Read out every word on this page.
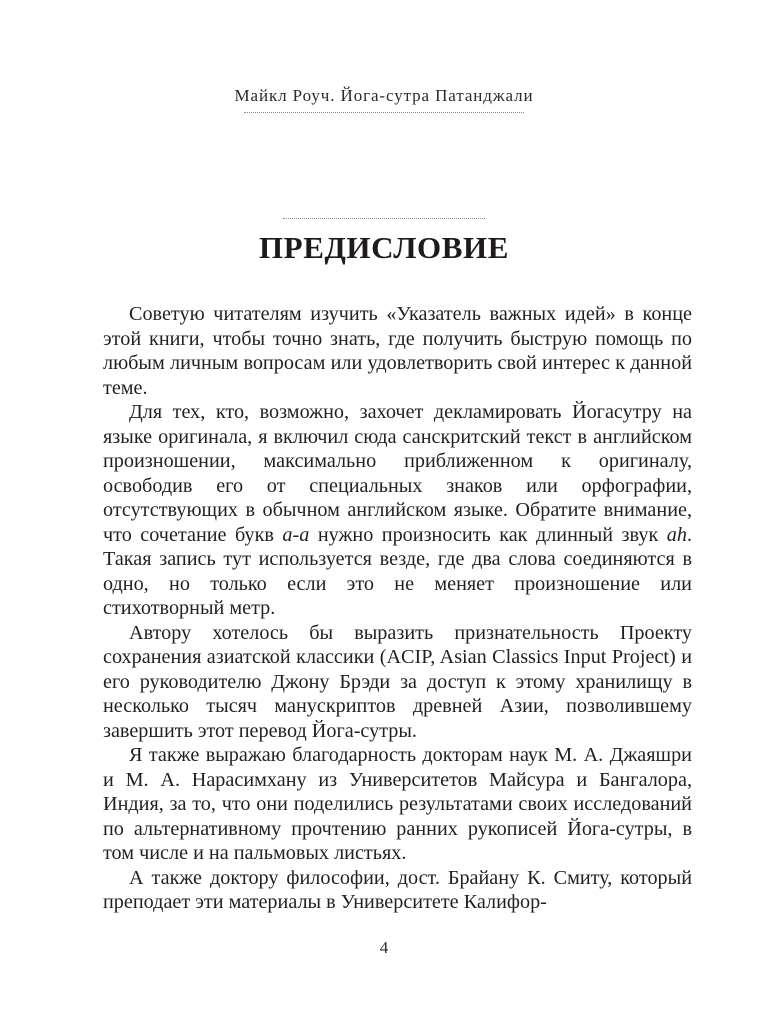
Майкл Роуч. Йога-сутра Патанджали
ПРЕДИСЛОВИЕ

Советую читателям изучить «Указатель важных идей» в конце этой книги, чтобы точно знать, где получить быструю помощь по любым личным вопросам или удовлетворить свой интерес к данной теме.

Для тех, кто, возможно, захочет декламировать Йогасутру на языке оригинала, я включил сюда санскритский текст в английском произношении, максимально приближенном к оригиналу, освободив его от специальных знаков или орфографии, отсутствующих в обычном английском языке. Обратите внимание, что сочетание букв a-a нужно произносить как длинный звук ah. Такая запись тут используется везде, где два слова соединяются в одно, но только если это не меняет произношение или стихотворный метр.

Автору хотелось бы выразить признательность Проекту сохранения азиатской классики (ACIP, Asian Classics Input Project) и его руководителю Джону Брэди за доступ к этому хранилищу в несколько тысяч манускриптов древней Азии, позволившему завершить этот перевод Йога-сутры.

Я также выражаю благодарность докторам наук М. А. Джаяшри и М. А. Нарасимхану из Университетов Майсура и Бангалора, Индия, за то, что они поделились результатами своих исследований по альтернативному прочтению ранних рукописей Йога-сутры, в том числе и на пальмовых листьях.

А также доктору философии, дост. Брайану К. Смиту, который преподает эти материалы в Университете Калифор-

4
